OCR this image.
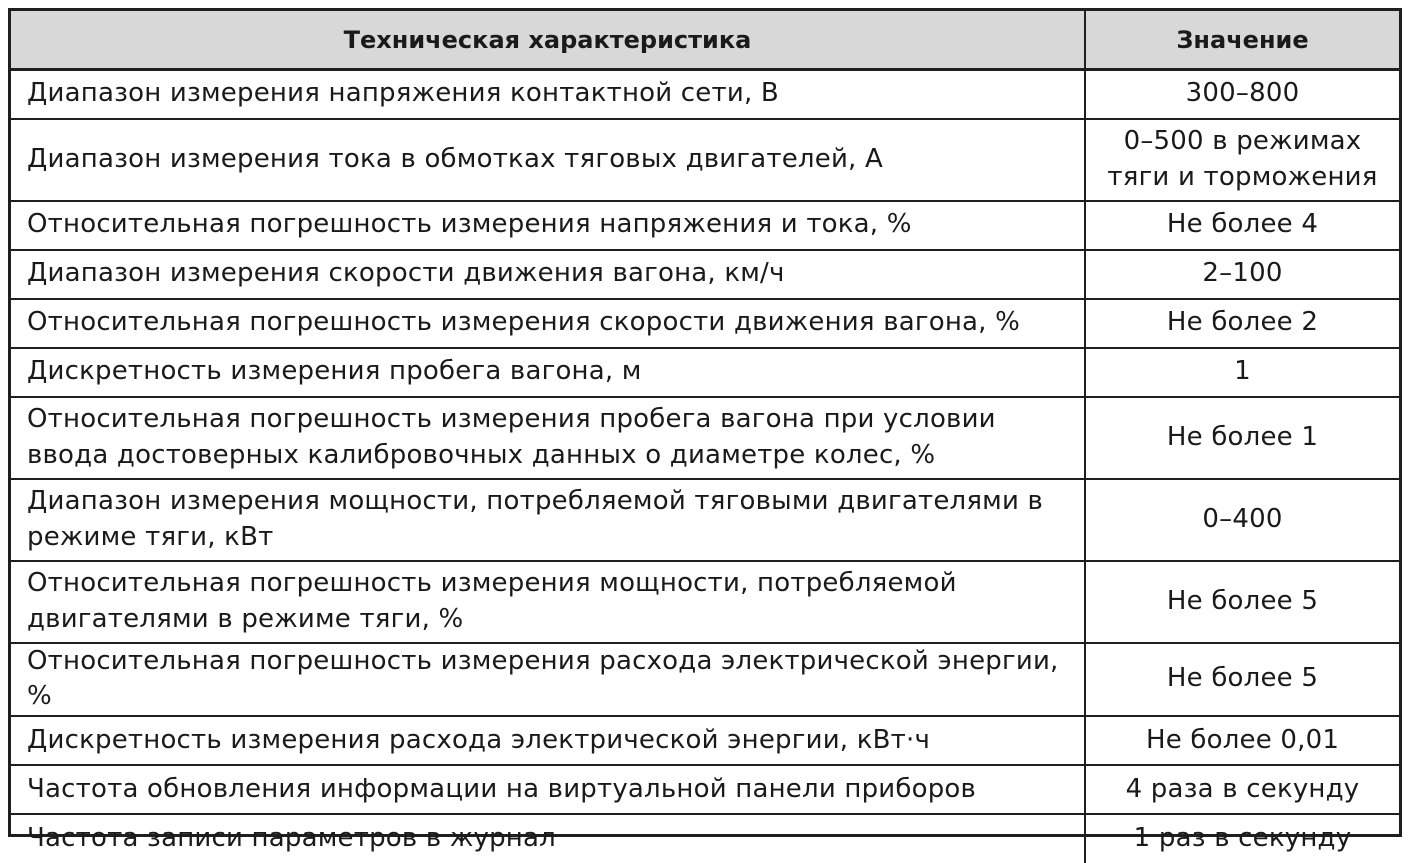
Техническая характеристика	Значение
Диапазон измерения напряжения контактной сети, В	300–800
Диапазон измерения тока в обмотках тяговых двигателей, А	0–500 в режимах тяги и торможения
Относительная погрешность измерения напряжения и тока, %	Не более 4
Диапазон измерения скорости движения вагона, км/ч	2–100
Относительная погрешность измерения скорости движения вагона, %	Не более 2
Дискретность измерения пробега вагона, м	1
Относительная погрешность измерения пробега вагона при условии ввода достоверных калибровочных данных о диаметре колес, %	Не более 1
Диапазон измерения мощности, потребляемой тяговыми двигателями в режиме тяги, кВт	0–400
Относительная погрешность измерения мощности, потребляемой двигателями в режиме тяги, %	Не более 5
Относительная погрешность измерения расхода электрической энергии, %	Не более 5
Дискретность измерения расхода электрической энергии, кВт·ч	Не более 0,01
Частота обновления информации на виртуальной панели приборов	4 раза в секунду
Частота записи параметров в журнал	1 раз в секунду
